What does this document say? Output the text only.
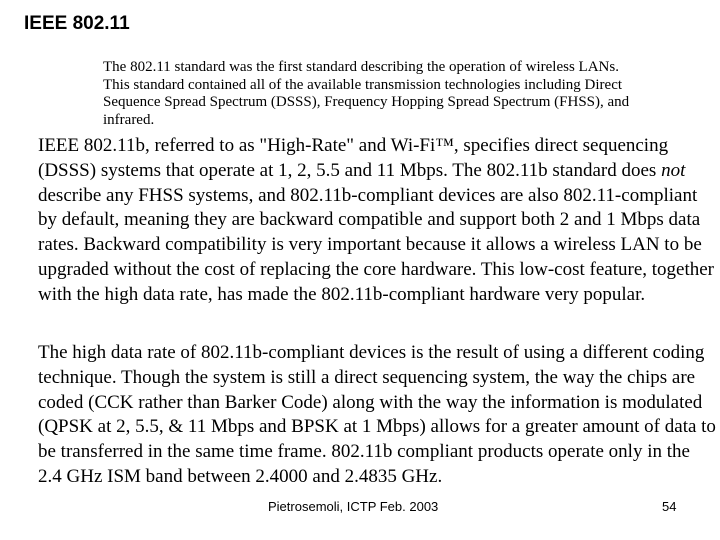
IEEE 802.11
The 802.11 standard was the first standard describing the operation of wireless LANs.
This standard contained all of the available transmission technologies including Direct
Sequence Spread Spectrum (DSSS), Frequency Hopping Spread Spectrum (FHSS), and
infrared.
IEEE 802.11b, referred to as "High-Rate" and Wi-Fi™, specifies direct sequencing
(DSSS) systems that operate at 1, 2, 5.5 and 11 Mbps. The 802.11b standard does not
describe any FHSS systems, and 802.11b-compliant devices are also 802.11-compliant
by default, meaning they are backward compatible and support both 2 and 1 Mbps data
rates. Backward compatibility is very important because it allows a wireless LAN to be
upgraded without the cost of replacing the core hardware. This low-cost feature, together
with the high data rate, has made the 802.11b-compliant hardware very popular.
The high data rate of 802.11b-compliant devices is the result of using a different coding
technique. Though the system is still a direct sequencing system, the way the chips are
coded (CCK rather than Barker Code) along with the way the information is modulated
(QPSK at 2, 5.5, & 11 Mbps and BPSK at 1 Mbps) allows for a greater amount of data to
be transferred in the same time frame. 802.11b compliant products operate only in the
2.4 GHz ISM band between 2.4000 and 2.4835 GHz.
Pietrosemoli, ICTP Feb. 2003	54
